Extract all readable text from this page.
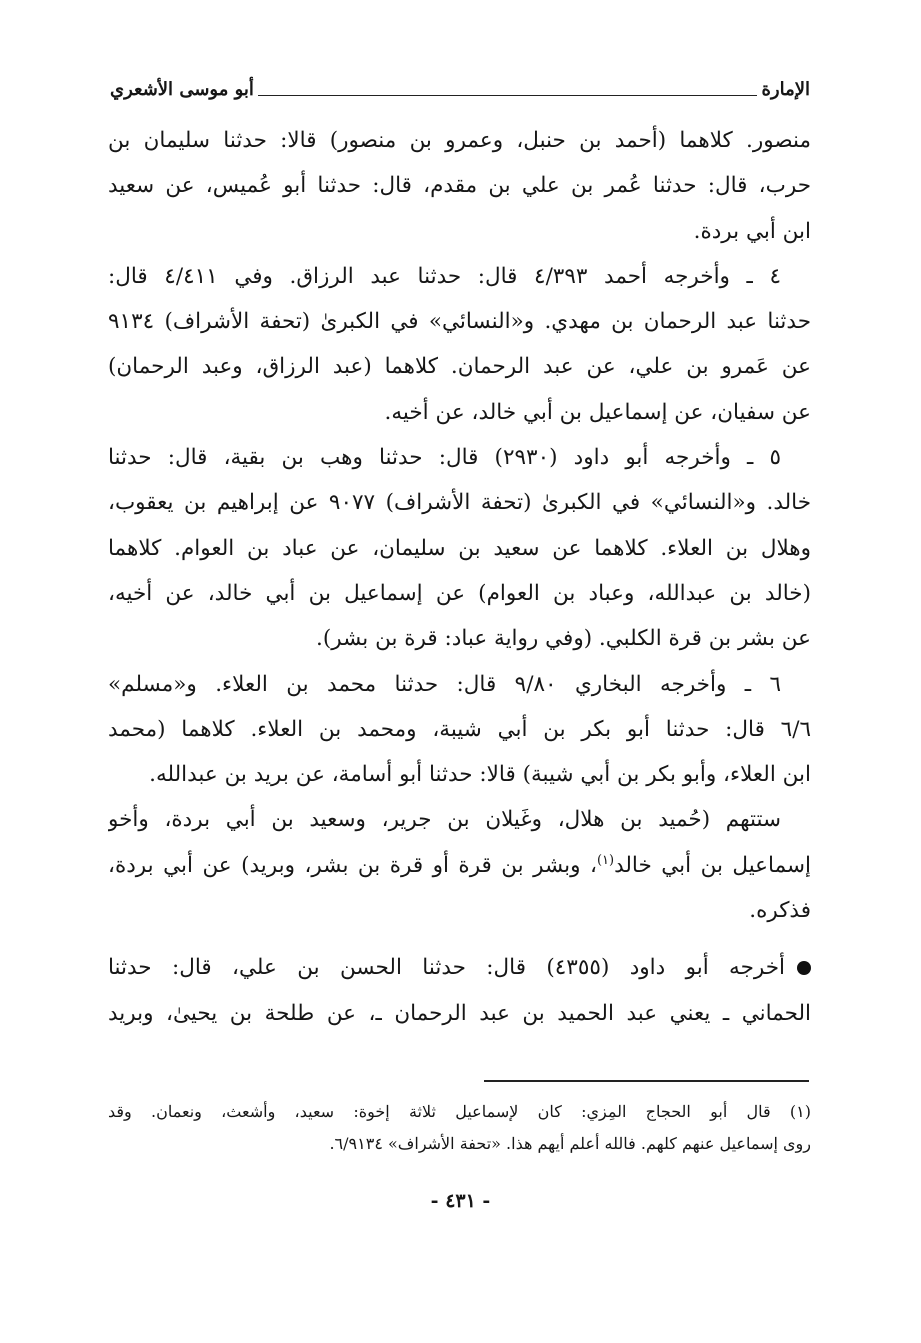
الإمارة
أبو موسى الأشعري
منصور. كلاهما (أحمد بن حنبل، وعمرو بن منصور) قالا: حدثنا سليمان بن
حرب، قال: حدثنا عُمر بن علي بن مقدم، قال: حدثنا أبو عُميس، عن سعيد
ابن أبي بردة.
٤ ـ وأخرجه أحمد ٤/٣٩٣ قال: حدثنا عبد الرزاق. وفي ٤/٤١١ قال:
حدثنا عبد الرحمان بن مهدي. و«النسائي» في الكبرىٰ (تحفة الأشراف) ٩١٣٤
عن عَمرو بن علي، عن عبد الرحمان. كلاهما (عبد الرزاق، وعبد الرحمان)
عن سفيان، عن إسماعيل بن أبي خالد، عن أخيه.
٥ ـ وأخرجه أبو داود (٢٩٣٠) قال: حدثنا وهب بن بقية، قال: حدثنا
خالد. و«النسائي» في الكبرىٰ (تحفة الأشراف) ٩٠٧٧ عن إبراهيم بن يعقوب،
وهلال بن العلاء. كلاهما عن سعيد بن سليمان، عن عباد بن العوام. كلاهما
(خالد بن عبدالله، وعباد بن العوام) عن إسماعيل بن أبي خالد، عن أخيه،
عن بشر بن قرة الكلبي. (وفي رواية عباد: قرة بن بشر).
٦ ـ وأخرجه البخاري ٩/٨٠ قال: حدثنا محمد بن العلاء. و«مسلم»
٦/٦ قال: حدثنا أبو بكر بن أبي شيبة، ومحمد بن العلاء. كلاهما (محمد
ابن العلاء، وأبو بكر بن أبي شيبة) قالا: حدثنا أبو أسامة، عن بريد بن عبدالله.
ستتهم (حُميد بن هلال، وغَيلان بن جرير، وسعيد بن أبي بردة، وأخو
إسماعيل بن أبي خالد$^{(١)}$، وبشر بن قرة أو قرة بن بشر، وبريد) عن أبي بردة،
فذكره.
أخرجه أبو داود (٤٣٥٥) قال: حدثنا الحسن بن علي، قال: حدثنا
الحماني ـ يعني عبد الحميد بن عبد الرحمان ـ، عن طلحة بن يحيىٰ، وبريد
(١) قال أبو الحجاج المِزي: كان لإسماعيل ثلاثة إخوة: سعيد، وأشعث، ونعمان. وقد
روى إسماعيل عنهم كلهم. فالله أعلم أيهم هذا. «تحفة الأشراف» ٦/٩١٣٤.
- ٤٣١ -
